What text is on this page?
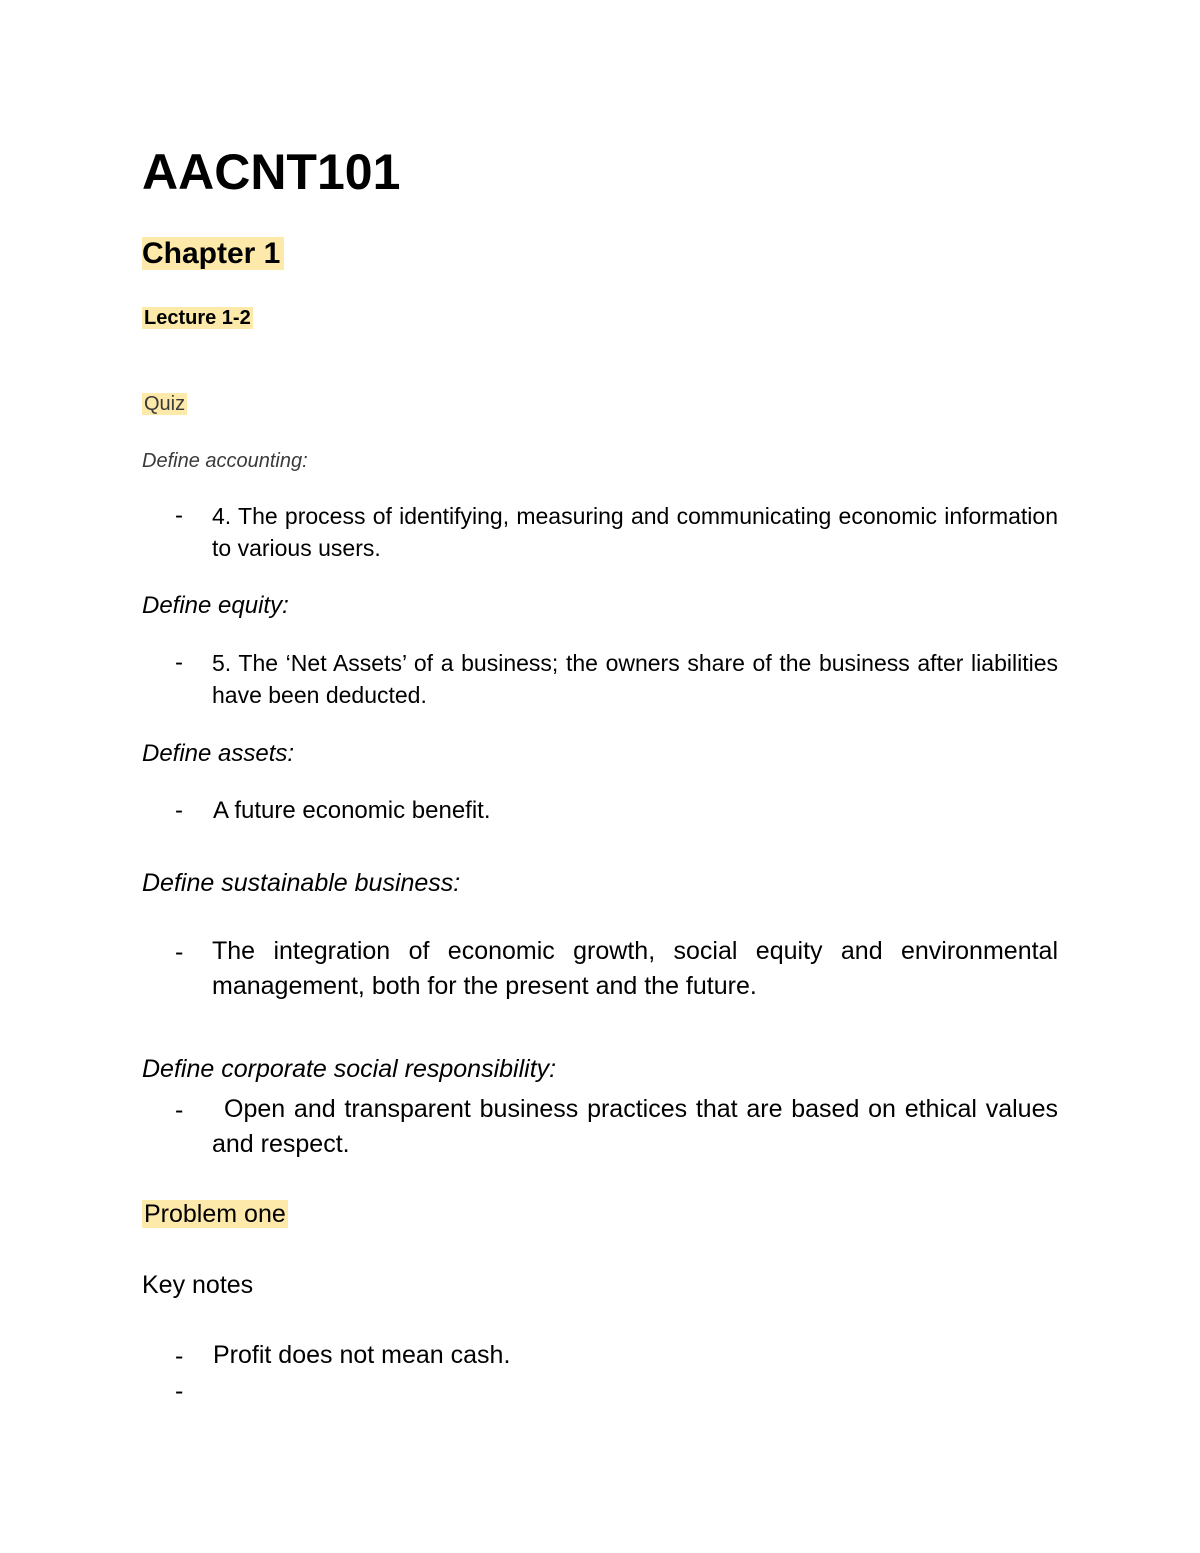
AACNT101
Chapter 1
Lecture 1-2
Quiz
Define accounting:
- 4. The process of identifying, measuring and communicating economic information to various users.
Define equity:
- 5. The ‘Net Assets’ of a business; the owners share of the business after liabilities have been deducted.
Define assets:
- A future economic benefit.
Define sustainable business:
- The integration of economic growth, social equity and environmental management, both for the present and the future.
Define corporate social responsibility:
-	Open and transparent business practices that are based on ethical values and respect.
Problem one
Key notes
- Profit does not mean cash.
-
